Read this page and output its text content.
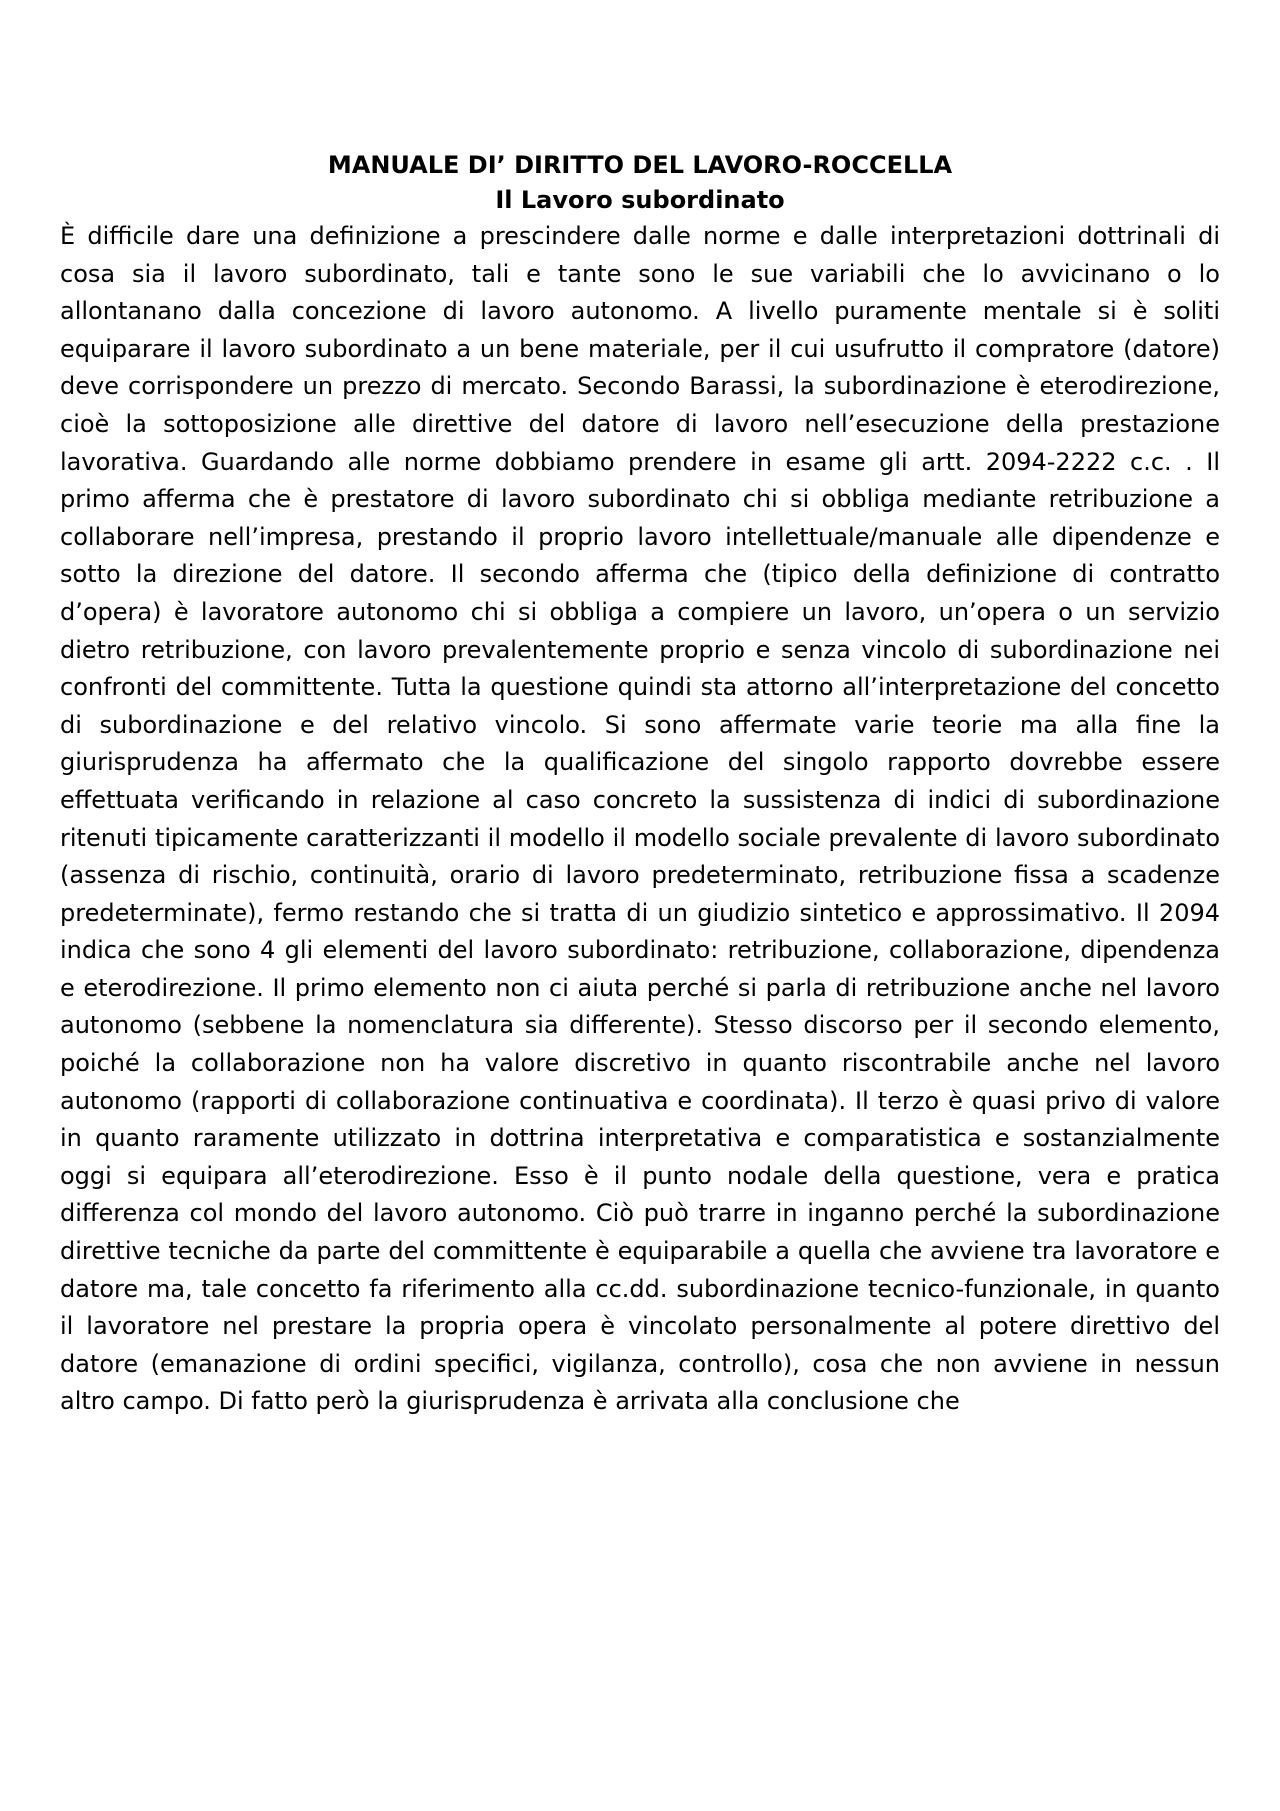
MANUALE DI’ DIRITTO DEL LAVORO-ROCCELLA
Il Lavoro subordinato

È difficile dare una definizione a prescindere dalle norme e dalle interpretazioni dottrinali di cosa sia il lavoro subordinato, tali e tante sono le sue variabili che lo avvicinano o lo allontanano dalla concezione di lavoro autonomo. A livello puramente mentale si è soliti equiparare il lavoro subordinato a un bene materiale, per il cui usufrutto il compratore (datore) deve corrispondere un prezzo di mercato. Secondo Barassi, la subordinazione è eterodirezione, cioè la sottoposizione alle direttive del datore di lavoro nell’esecuzione della prestazione lavorativa. Guardando alle norme dobbiamo prendere in esame gli artt. 2094-2222 c.c. . Il primo afferma che è prestatore di lavoro subordinato chi si obbliga mediante retribuzione a collaborare nell’impresa, prestando il proprio lavoro intellettuale/manuale alle dipendenze e sotto la direzione del datore. Il secondo afferma che (tipico della definizione di contratto d’opera) è lavoratore autonomo chi si obbliga a compiere un lavoro, un’opera o un servizio dietro retribuzione, con lavoro prevalentemente proprio e senza vincolo di subordinazione nei confronti del committente. Tutta la questione quindi sta attorno all’interpretazione del concetto di subordinazione e del relativo vincolo. Si sono affermate varie teorie ma alla fine la giurisprudenza ha affermato che la qualificazione del singolo rapporto dovrebbe essere effettuata verificando in relazione al caso concreto la sussistenza di indici di subordinazione ritenuti tipicamente caratterizzanti il modello il modello sociale prevalente di lavoro subordinato (assenza di rischio, continuità, orario di lavoro predeterminato, retribuzione fissa a scadenze predeterminate), fermo restando che si tratta di un giudizio sintetico e approssimativo. Il 2094 indica che sono 4 gli elementi del lavoro subordinato: retribuzione, collaborazione, dipendenza e eterodirezione. Il primo elemento non ci aiuta perché si parla di retribuzione anche nel lavoro autonomo (sebbene la nomenclatura sia differente). Stesso discorso per il secondo elemento, poiché la collaborazione non ha valore discretivo in quanto riscontrabile anche nel lavoro autonomo (rapporti di collaborazione continuativa e coordinata). Il terzo è quasi privo di valore in quanto raramente utilizzato in dottrina interpretativa e comparatistica e sostanzialmente oggi si equipara all’eterodirezione. Esso è il punto nodale della questione, vera e pratica differenza col mondo del lavoro autonomo. Ciò può trarre in inganno perché la subordinazione direttive tecniche da parte del committente è equiparabile a quella che avviene tra lavoratore e datore ma, tale concetto fa riferimento alla cc.dd. subordinazione tecnico-funzionale, in quanto il lavoratore nel prestare la propria opera è vincolato personalmente al potere direttivo del datore (emanazione di ordini specifici, vigilanza, controllo), cosa che non avviene in nessun altro campo. Di fatto però la giurisprudenza è arrivata alla conclusione che
